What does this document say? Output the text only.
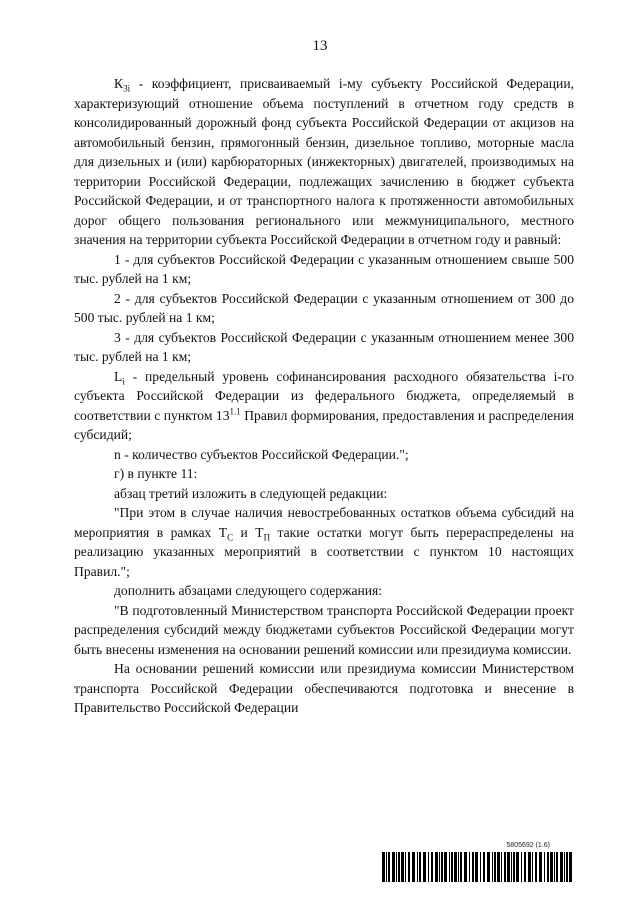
13

$К_{3i}$ - коэффициент, присваиваемый i-му субъекту Российской Федерации, характеризующий отношение объема поступлений в отчетном году средств в консолидированный дорожный фонд субъекта Российской Федерации от акцизов на автомобильный бензин, прямогонный бензин, дизельное топливо, моторные масла для дизельных и (или) карбюраторных (инжекторных) двигателей, производимых на территории Российской Федерации, подлежащих зачислению в бюджет субъекта Российской Федерации, и от транспортного налога к протяженности автомобильных дорог общего пользования регионального или межмуниципального, местного значения на территории субъекта Российской Федерации в отчетном году и равный:

1 - для субъектов Российской Федерации с указанным отношением свыше 500 тыс. рублей на 1 км;

2 - для субъектов Российской Федерации с указанным отношением от 300 до 500 тыс. рублей на 1 км;

3 - для субъектов Российской Федерации с указанным отношением менее 300 тыс. рублей на 1 км;

$L_i$ - предельный уровень софинансирования расходного обязательства i-го субъекта Российской Федерации из федерального бюджета, определяемый в соответствии с пунктом $13^{1.1}$ Правил формирования, предоставления и распределения субсидий;

n - количество субъектов Российской Федерации.";

г) в пункте 11:

абзац третий изложить в следующей редакции:

"При этом в случае наличия невостребованных остатков объема субсидий на мероприятия в рамках $Т_С$ и $Т_П$ такие остатки могут быть перераспределены на реализацию указанных мероприятий в соответствии с пунктом 10 настоящих Правил.";

дополнить абзацами следующего содержания:

"В подготовленный Министерством транспорта Российской Федерации проект распределения субсидий между бюджетами субъектов Российской Федерации могут быть внесены изменения на основании решений комиссии или президиума комиссии.

На основании решений комиссии или президиума комиссии Министерством транспорта Российской Федерации обеспечиваются подготовка и внесение в Правительство Российской Федерации

5805692 (1.6)
